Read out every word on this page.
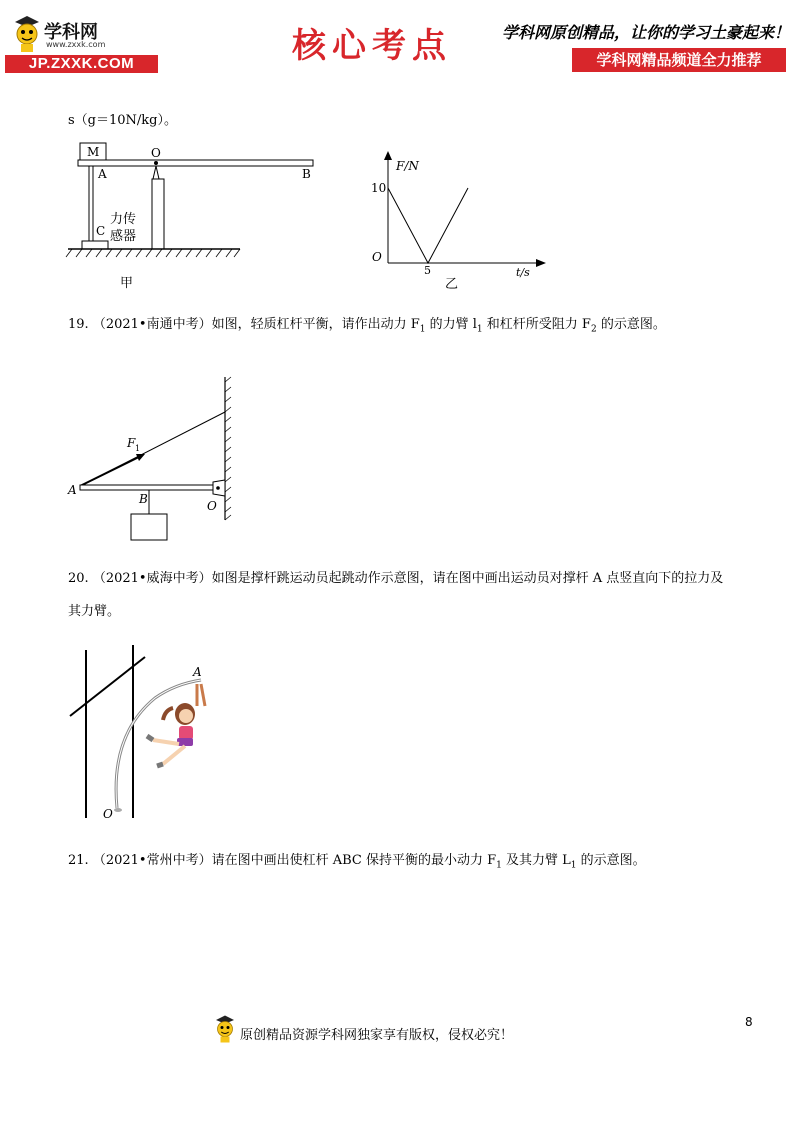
学科网
www.zxxk.com
JP.ZXXK.COM	核心考点	学科网原创精品，让你的学习土豪起来！
学科网精品频道全力推荐
s（g＝10N/kg）。
M
A
C
力传
感器
O
B
甲
F/N
t/s
O
10
5
乙
19. （2021•南通中考）如图，轻质杠杆平衡，请作出动力 $F_1$ 的力臂 $l_1$ 和杠杆所受阻力 $F_2$ 的示意图。
F 1
A
B	O
20. （2021•威海中考）如图是撑杆跳运动员起跳动作示意图，请在图中画出运动员对撑杆 A 点竖直向下的拉力及
其力臂。
A
O
21. （2021•常州中考）请在图中画出使杠杆 ABC 保持平衡的最小动力 $F_1$ 及其力臂 $L_1$ 的示意图。
8
原创精品资源学科网独家享有版权，侵权必究！
